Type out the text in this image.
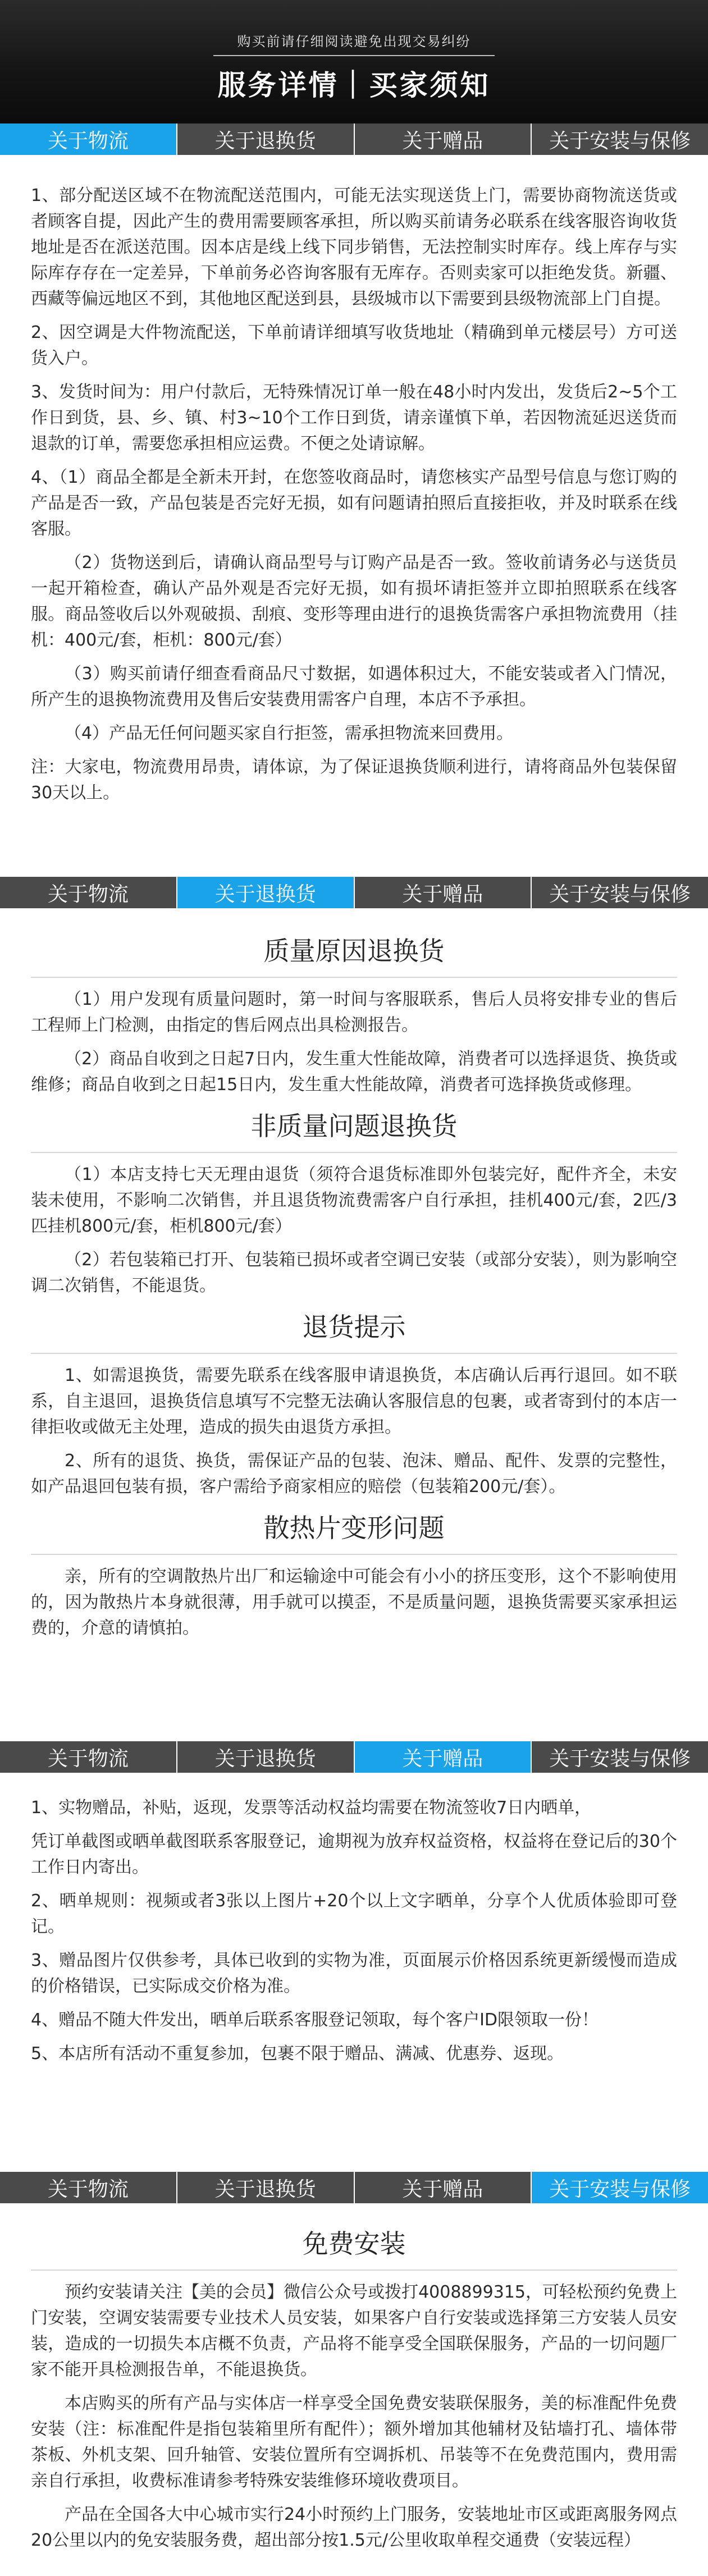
购买前请仔细阅读避免出现交易纠纷
服务详情｜买家须知
关于物流	关于退换货	关于赠品	关于安装与保修

1、部分配送区域不在物流配送范围内，可能无法实现送货上门，需要协商物流送货或者顾客自提，因此产生的费用需要顾客承担，所以购买前请务必联系在线客服咨询收货地址是否在派送范围。因本店是线上线下同步销售，无法控制实时库存。线上库存与实际库存存在一定差异，下单前务必咨询客服有无库存。否则卖家可以拒绝发货。新疆、西藏等偏远地区不到，其他地区配送到县，县级城市以下需要到县级物流部上门自提。

2、因空调是大件物流配送，下单前请详细填写收货地址（精确到单元楼层号）方可送货入户。

3、发货时间为：用户付款后，无特殊情况订单一般在48小时内发出，发货后2~5个工作日到货，县、乡、镇、村3~10个工作日到货，请亲谨慎下单，若因物流延迟送货而退款的订单，需要您承担相应运费。不便之处请谅解。

4、（1）商品全都是全新未开封，在您签收商品时，请您核实产品型号信息与您订购的产品是否一致，产品包装是否完好无损，如有问题请拍照后直接拒收，并及时联系在线客服。

（2）货物送到后，请确认商品型号与订购产品是否一致。签收前请务必与送货员一起开箱检查，确认产品外观是否完好无损，如有损坏请拒签并立即拍照联系在线客服。商品签收后以外观破损、刮痕、变形等理由进行的退换货需客户承担物流费用（挂机：400元/套，柜机：800元/套）

（3）购买前请仔细查看商品尺寸数据，如遇体积过大，不能安装或者入门情况，所产生的退换物流费用及售后安装费用需客户自理，本店不予承担。

（4）产品无任何问题买家自行拒签，需承担物流来回费用。

注：大家电，物流费用昂贵，请体谅，为了保证退换货顺利进行，请将商品外包装保留30天以上。

关于物流	关于退换货	关于赠品	关于安装与保修
质量原因退换货

（1）用户发现有质量问题时，第一时间与客服联系，售后人员将安排专业的售后工程师上门检测，由指定的售后网点出具检测报告。

（2）商品自收到之日起7日内，发生重大性能故障，消费者可以选择退货、换货或维修；商品自收到之日起15日内，发生重大性能故障，消费者可选择换货或修理。

非质量问题退换货

（1）本店支持七天无理由退货（须符合退货标准即外包装完好，配件齐全，未安装未使用，不影响二次销售，并且退货物流费需客户自行承担，挂机400元/套，2匹/3匹挂机800元/套，柜机800元/套）

（2）若包装箱已打开、包装箱已损坏或者空调已安装（或部分安装），则为影响空调二次销售，不能退货。

退货提示

1、如需退换货，需要先联系在线客服申请退换货，本店确认后再行退回。如不联系，自主退回，退换货信息填写不完整无法确认客服信息的包裹，或者寄到付的本店一律拒收或做无主处理，造成的损失由退货方承担。

2、所有的退货、换货，需保证产品的包装、泡沫、赠品、配件、发票的完整性，如产品退回包装有损，客户需给予商家相应的赔偿（包装箱200元/套）。

散热片变形问题

亲，所有的空调散热片出厂和运输途中可能会有小小的挤压变形，这个不影响使用的，因为散热片本身就很薄，用手就可以摸歪，不是质量问题，退换货需要买家承担运费的，介意的请慎拍。

关于物流	关于退换货	关于赠品	关于安装与保修

1、实物赠品，补贴，返现，发票等活动权益均需要在物流签收7日内晒单，

凭订单截图或晒单截图联系客服登记，逾期视为放弃权益资格，权益将在登记后的30个工作日内寄出。

2、晒单规则：视频或者3张以上图片+20个以上文字晒单，分享个人优质体验即可登记。

3、赠品图片仅供参考，具体已收到的实物为准，页面展示价格因系统更新缓慢而造成的价格错误，已实际成交价格为准。

4、赠品不随大件发出，晒单后联系客服登记领取，每个客户ID限领取一份！

5、本店所有活动不重复参加，包裹不限于赠品、满减、优惠券、返现。

关于物流	关于退换货	关于赠品	关于安装与保修
免费安装

预约安装请关注【美的会员】微信公众号或拨打4008899315，可轻松预约免费上门安装，空调安装需要专业技术人员安装，如果客户自行安装或选择第三方安装人员安装，造成的一切损失本店概不负责，产品将不能享受全国联保服务，产品的一切问题厂家不能开具检测报告单，不能退换货。

本店购买的所有产品与实体店一样享受全国免费安装联保服务，美的标准配件免费安装（注：标准配件是指包装箱里所有配件）；额外增加其他辅材及钻墙打孔、墙体带茶板、外机支架、回升轴管、安装位置所有空调拆机、吊装等不在免费范围内，费用需亲自行承担，收费标准请参考特殊安装维修环境收费项目。

产品在全国各大中心城市实行24小时预约上门服务，安装地址市区或距离服务网点20公里以内的免安装服务费，超出部分按1.5元/公里收取单程交通费（安装远程）
